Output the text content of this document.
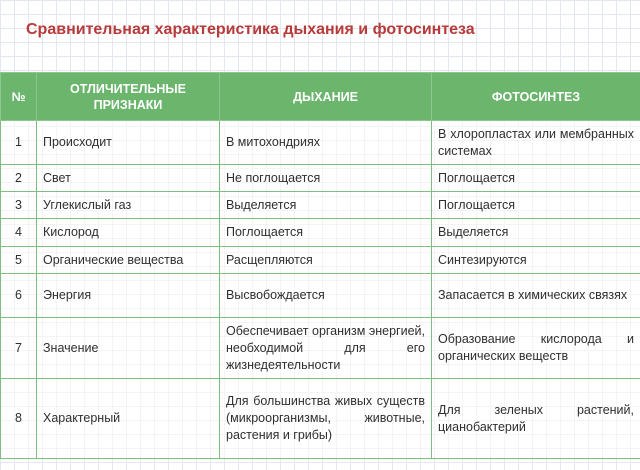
Сравнительная характеристика дыхания и фотосинтеза
№	ОТЛИЧИТЕЛЬНЫЕ ПРИЗНАКИ	ДЫХАНИЕ	ФОТОСИНТЕЗ
1	Происходит	В митохондриях	В хлоропластах или мембранных системах
2	Свет	Не поглощается	Поглощается
3	Углекислый газ	Выделяется	Поглощается
4	Кислород	Поглощается	Выделяется
5	Органические вещества	Расщепляются	Синтезируются
6	Энергия	Высвобождается	Запасается в химических связях
7	Значение	Обеспечивает организм энергией, необходимой для его жизнедеятельности	Образование кислорода и органических веществ
8	Характерный	Для большинства живых существ (микроорганизмы, животные, растения и грибы)	Для зеленых растений, цианобактерий
